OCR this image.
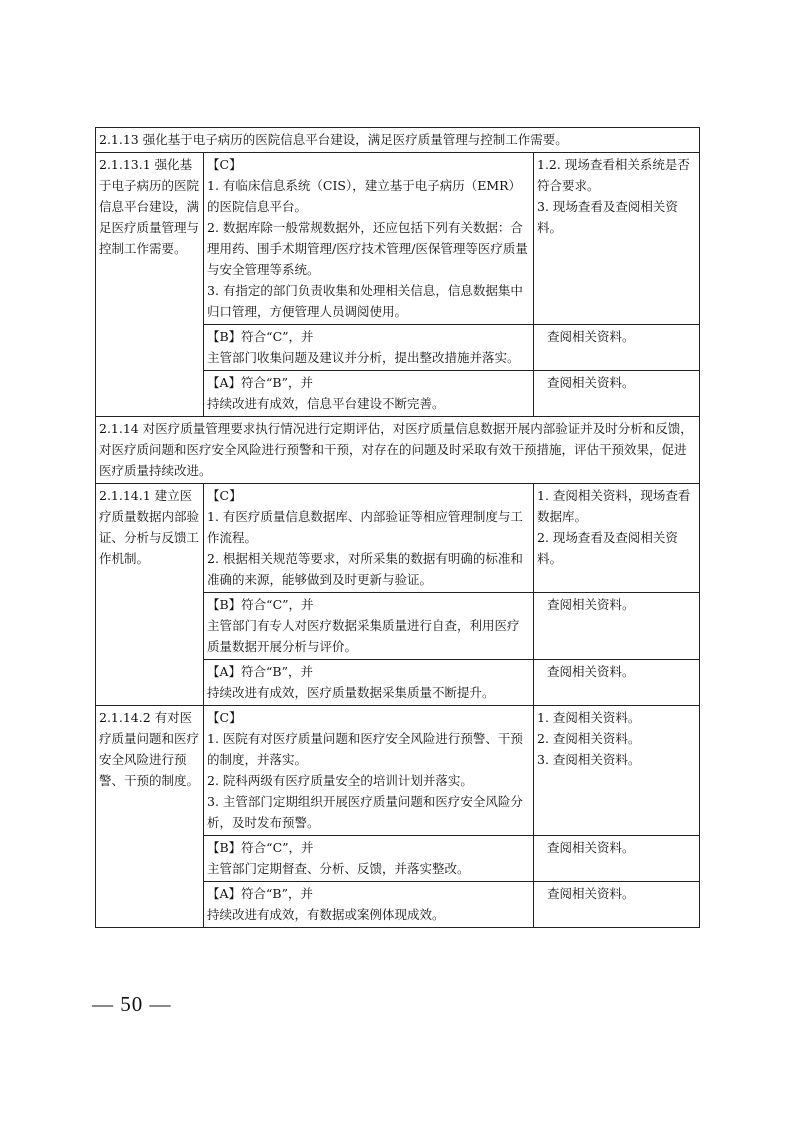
2.1.13 强化基于电子病历的医院信息平台建设，满足医疗质量管理与控制工作需要。		
2.1.13.1 强化基于电子病历的医院信息平台建设，满足医疗质量管理与控制工作需要。	【C】
1. 有临床信息系统（CIS），建立基于电子病历（EMR）的医院信息平台。
2. 数据库除一般常规数据外，还应包括下列有关数据：合理用药、围手术期管理/医疗技术管理/医保管理等医疗质量与安全管理等系统。
3. 有指定的部门负责收集和处理相关信息，信息数据集中归口管理，方便管理人员调阅使用。	1.2. 现场查看相关系统是否符合要求。
3. 现场查看及查阅相关资料。

	【B】符合“C”，并
主管部门收集问题及建议并分析，提出整改措施并落实。	查阅相关资料。

	【A】符合“B”，并
持续改进有成效，信息平台建设不断完善。	查阅相关资料。

2.1.14 对医疗质量管理要求执行情况进行定期评估，对医疗质量信息数据开展内部验证并及时分析和反馈，对医疗质问题和医疗安全风险进行预警和干预，对存在的问题及时采取有效干预措施，评估干预效果，促进医疗质量持续改进。		
2.1.14.1 建立医疗质量数据内部验证、分析与反馈工作机制。	【C】
1. 有医疗质量信息数据库、内部验证等相应管理制度与工作流程。
2. 根据相关规范等要求，对所采集的数据有明确的标准和准确的来源，能够做到及时更新与验证。	1. 查阅相关资料，现场查看数据库。
2. 现场查看及查阅相关资料。

	【B】符合“C”，并
主管部门有专人对医疗数据采集质量进行自查，利用医疗质量数据开展分析与评价。	查阅相关资料。

	【A】符合“B”，并
持续改进有成效，医疗质量数据采集质量不断提升。	查阅相关资料。

2.1.14.2 有对医疗质量问题和医疗安全风险进行预警、干预的制度。	【C】
1. 医院有对医疗质量问题和医疗安全风险进行预警、干预的制度，并落实。
2. 院科两级有医疗质量安全的培训计划并落实。
3. 主管部门定期组织开展医疗质量问题和医疗安全风险分析，及时发布预警。	1. 查阅相关资料。
2. 查阅相关资料。
3. 查阅相关资料。

	【B】符合“C”，并
主管部门定期督查、分析、反馈，并落实整改。	查阅相关资料。

	【A】符合“B”，并
持续改进有成效，有数据或案例体现成效。	查阅相关资料。
— 50 —
